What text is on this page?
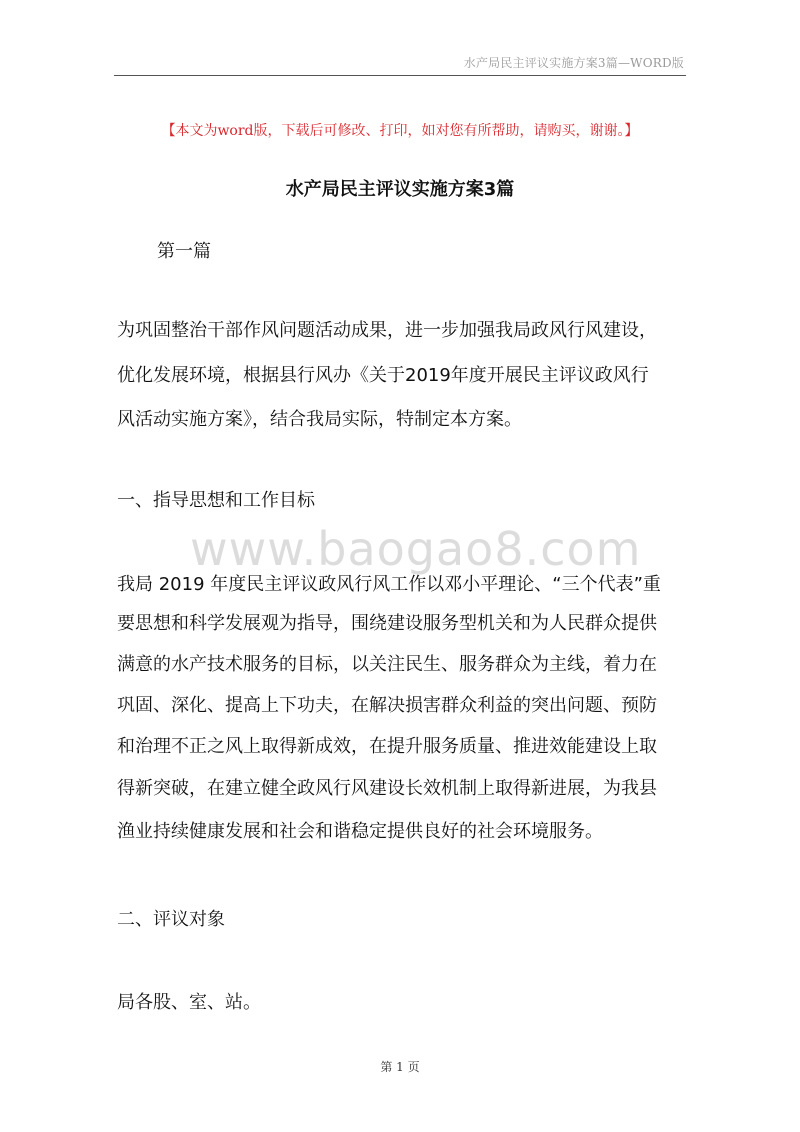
水产局民主评议实施方案3篇—WORD版
【本文为word版，下载后可修改、打印，如对您有所帮助，请购买，谢谢。】
水产局民主评议实施方案3篇

第一篇

为巩固整治干部作风问题活动成果，进一步加强我局政风行风建设，

优化发展环境，根据县行风办《关于2019年度开展民主评议政风行

风活动实施方案》，结合我局实际，特制定本方案。

一、指导思想和工作目标

www.baogao8.com

我局 2019 年度民主评议政风行风工作以邓小平理论、“三个代表”重

要思想和科学发展观为指导，围绕建设服务型机关和为人民群众提供

满意的水产技术服务的目标，以关注民生、服务群众为主线，着力在

巩固、深化、提高上下功夫，在解决损害群众利益的突出问题、预防

和治理不正之风上取得新成效，在提升服务质量、推进效能建设上取

得新突破，在建立健全政风行风建设长效机制上取得新进展，为我县

渔业持续健康发展和社会和谐稳定提供良好的社会环境服务。

二、评议对象

局各股、室、站。

第 1 页
